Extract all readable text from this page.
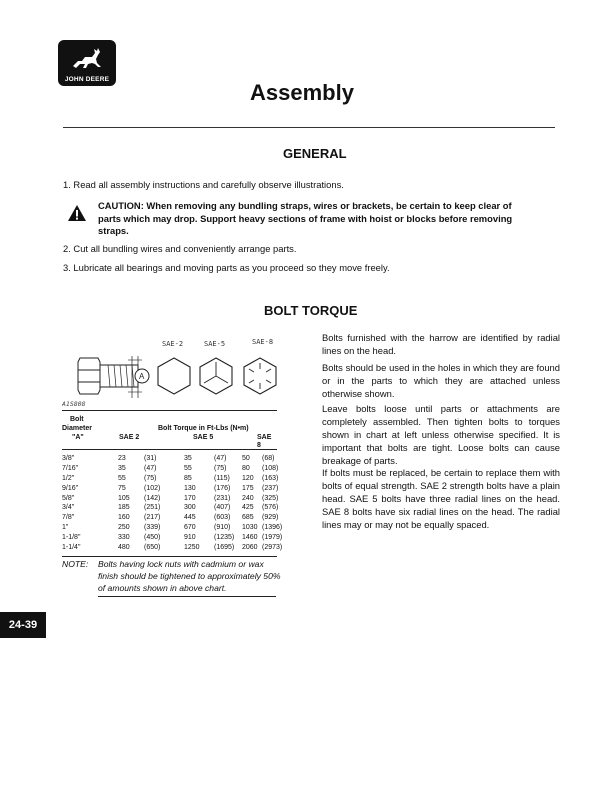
JOHN DEERE
Assembly
GENERAL
1. Read all assembly instructions and carefully observe illustrations.
CAUTION: When removing any bundling straps, wires or brackets, be certain to keep clear of
parts which may drop. Support heavy sections of frame with hoist or blocks before removing
straps.
2. Cut all bundling wires and conveniently arrange parts.
3. Lubricate all bearings and moving parts as you proceed so they move freely.
BOLT TORQUE
SAE-2	SAE-5	SAE-8
A
A1S808
Bolt
Diameter
"A"
Bolt Torque in Ft-Lbs (N•m)
SAE 2	SAE 5	SAE 8
3/8"	23	(31)	35	(47) 50 (68)
7/16"	35	(47)	55	(75) 80 (108)
1/2"	55	(75)	85	(115) 120 (163)
9/16"	75	(102)	130	(176) 175 (237)
5/8"	105 (142)	170	(231) 240 (325)
3/4"	185 (251)	300	(407) 425 (576)
7/8"	160 (217)	445	(603) 685 (929)
1"	250 (339)	670	(910) 1030 (1396)
1-1/8"	330 (450)	910	(1235) 1460 (1979)
1-1/4"	480 (650)	1250 (1695) 2060 (2973)
NOTE: Bolts having lock nuts with cadmium or wax finish should be tightened to approximately 50% of amounts shown in above chart.
Bolts furnished with the harrow are identified by radial lines on the head.
Bolts should be used in the holes in which they are found or in the parts to which they are attached unless otherwise shown.
Leave bolts loose until parts or attachments are completely assembled. Then tighten bolts to torques shown in chart at left unless otherwise specified. It is important that bolts are tight. Loose bolts can cause breakage of parts.
If bolts must be replaced, be certain to replace them with bolts of equal strength. SAE 2 strength bolts have a plain head. SAE 5 bolts have three radial lines on the head. SAE 8 bolts have six radial lines on the head. The radial lines may or may not be equally spaced.
24-39
